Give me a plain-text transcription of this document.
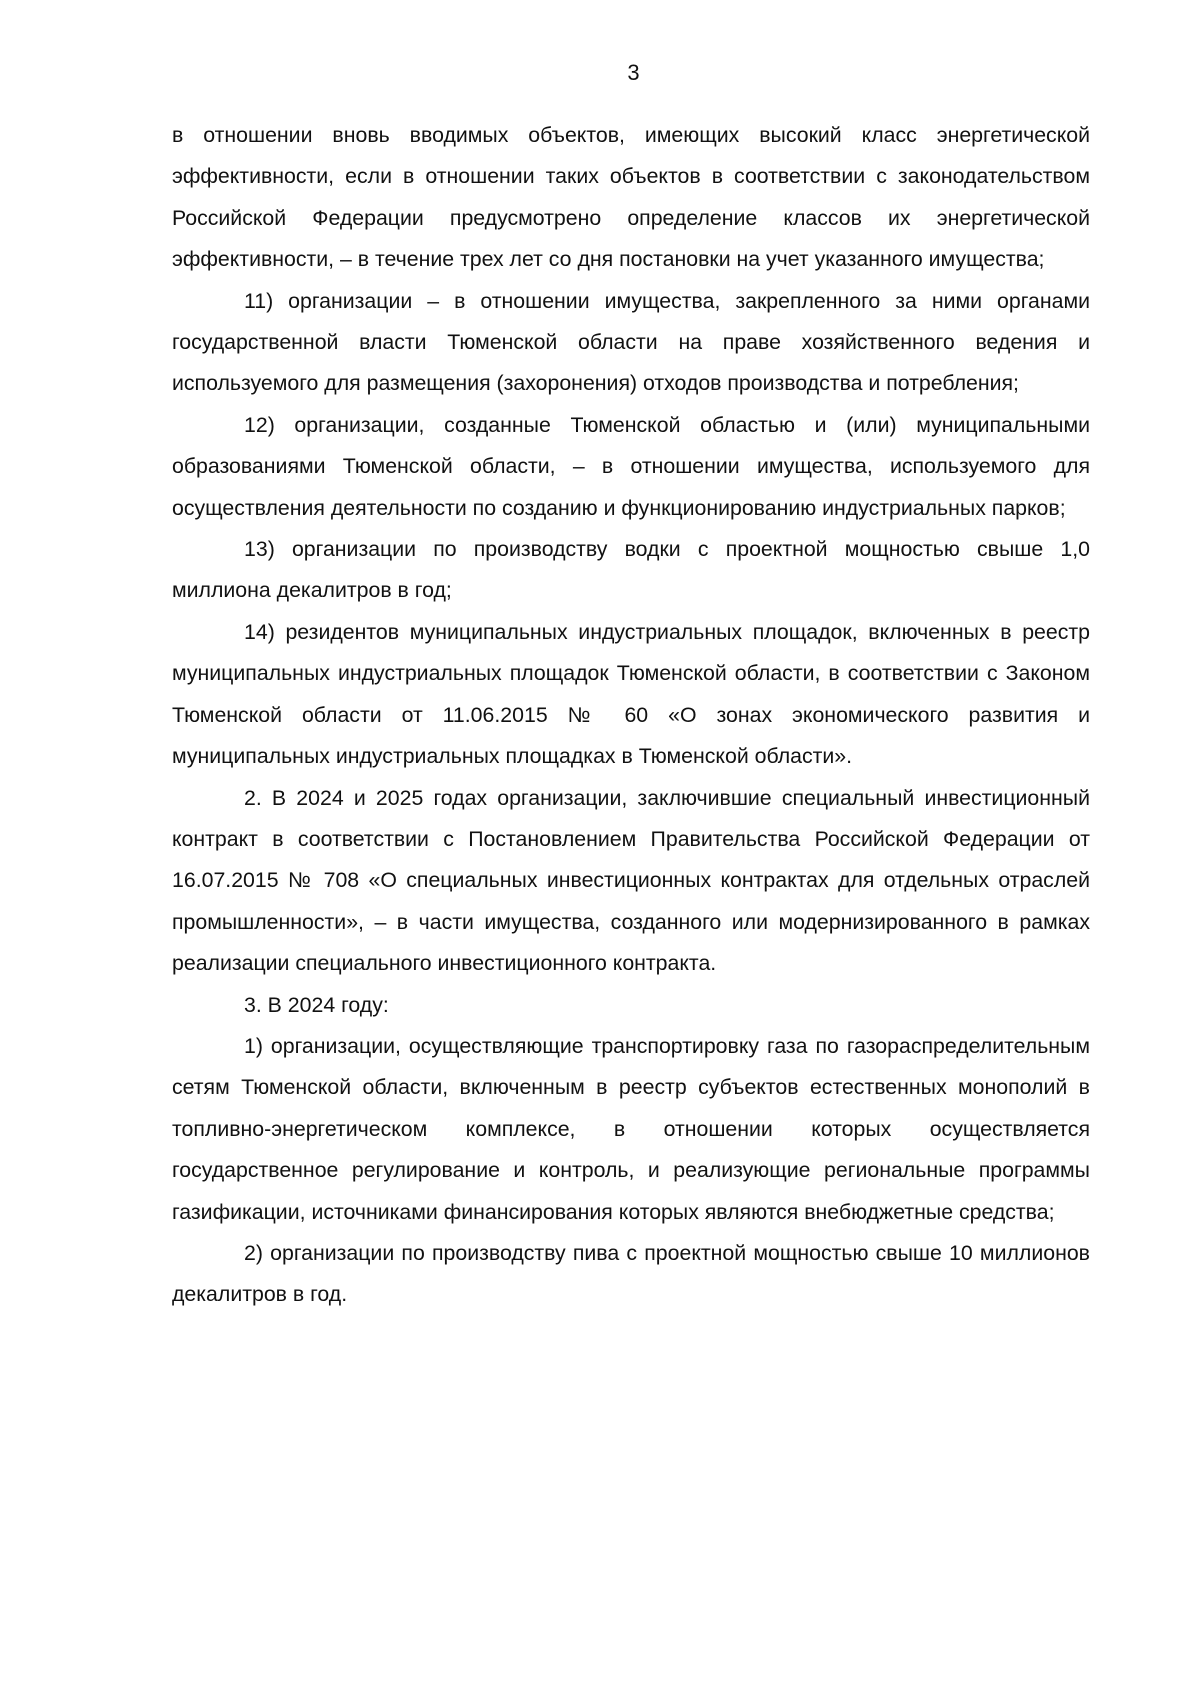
3

в отношении вновь вводимых объектов, имеющих высокий класс энергетической эффективности, если в отношении таких объектов в соответствии с законодательством Российской Федерации предусмотрено определение классов их энергетической эффективности, – в течение трех лет со дня постановки на учет указанного имущества;

11) организации – в отношении имущества, закрепленного за ними органами государственной власти Тюменской области на праве хозяйственного ведения и используемого для размещения (захоронения) отходов производства и потребления;

12) организации, созданные Тюменской областью и (или) муниципальными образованиями Тюменской области, – в отношении имущества, используемого для осуществления деятельности по созданию и функционированию индустриальных парков;

13) организации по производству водки с проектной мощностью свыше 1,0 миллиона декалитров в год;

14) резидентов муниципальных индустриальных площадок, включенных в реестр муниципальных индустриальных площадок Тюменской области, в соответствии с Законом Тюменской области от 11.06.2015 № 60 «О зонах экономического развития и муниципальных индустриальных площадках в Тюменской области».

2. В 2024 и 2025 годах организации, заключившие специальный инвестиционный контракт в соответствии с Постановлением Правительства Российской Федерации от 16.07.2015 № 708 «О специальных инвестиционных контрактах для отдельных отраслей промышленности», – в части имущества, созданного или модернизированного в рамках реализации специального инвестиционного контракта.

3. В 2024 году:

1) организации, осуществляющие транспортировку газа по газораспределительным сетям Тюменской области, включенным в реестр субъектов естественных монополий в топливно-энергетическом комплексе, в отношении которых осуществляется государственное регулирование и контроль, и реализующие региональные программы газификации, источниками финансирования которых являются внебюджетные средства;

2) организации по производству пива с проектной мощностью свыше 10 миллионов декалитров в год.
